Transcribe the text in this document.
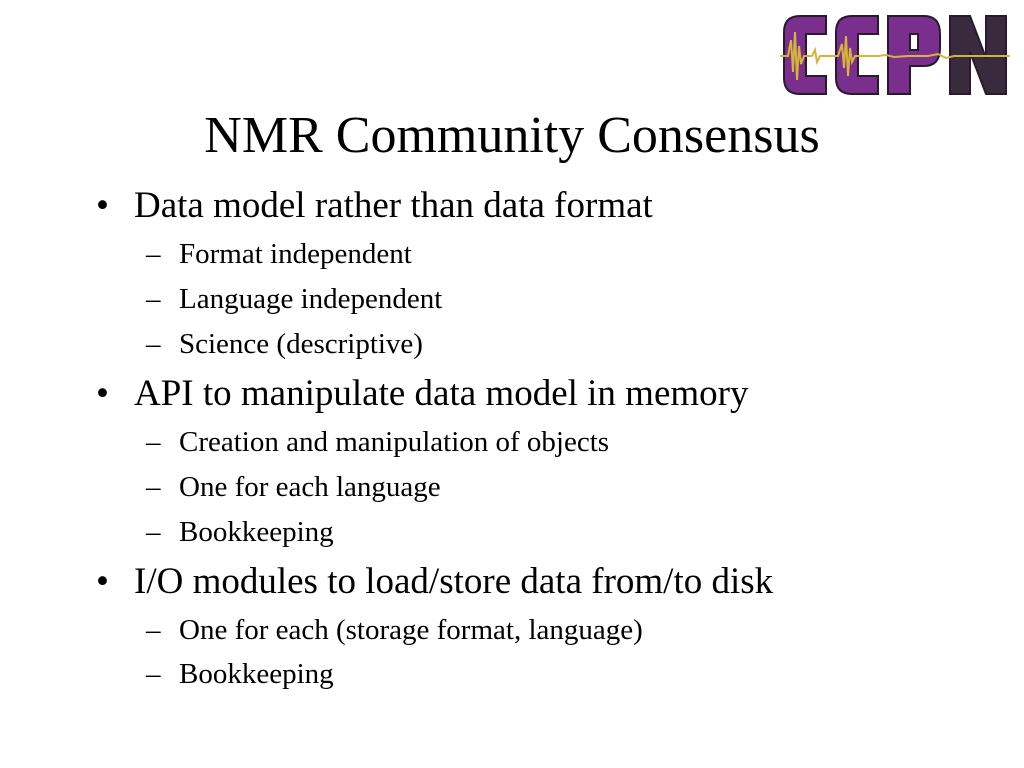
NMR Community Consensus
• Data model rather than data format
– Format independent
– Language independent
– Science (descriptive)
• API to manipulate data model in memory
– Creation and manipulation of objects
– One for each language
– Bookkeeping
• I/O modules to load/store data from/to disk
– One for each (storage format, language)
– Bookkeeping
